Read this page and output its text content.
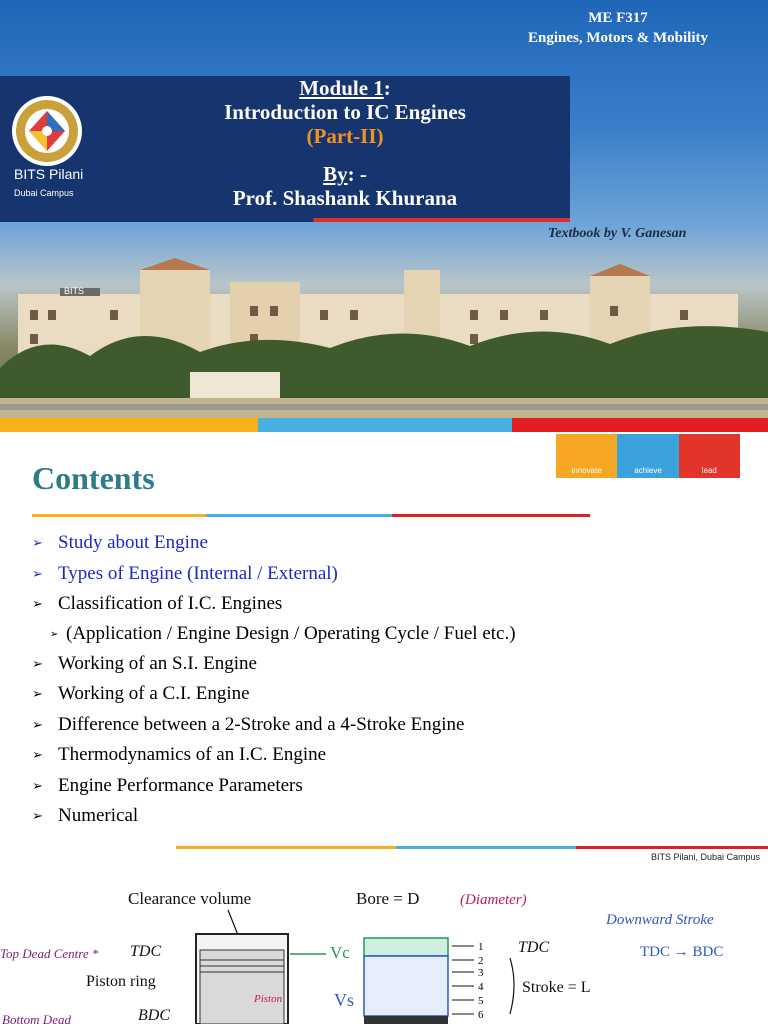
ME F317
Engines, Motors & Mobility
BITS Pilani
Dubai Campus
Module 1:
Introduction to IC Engines
(Part-II)
By: -
Prof. Shashank Khurana
Textbook by V. Ganesan
BITS
innovate	achieve	lead
Contents
➢ Study about Engine
➢ Types of Engine (Internal / External)
➢ Classification of I.C. Engines
➢ (Application / Engine Design / Operating Cycle / Fuel etc.)
➢ Working of an S.I. Engine
➢ Working of a C.I. Engine
➢ Difference between a 2-Stroke and a 4-Stroke Engine
➢ Thermodynamics of an I.C. Engine
➢ Engine Performance Parameters
➢ Numerical
BITS Pilani, Dubai Campus
Clearance volume
TDC
Piston ring
BDC
Top Dead Centre *
Bottom Dead
Piston
Bore = D	(Diameter)
Vc
Vs
1
2
3
4
5
6
TDC
Stroke = L
Downward Stroke
TDC → BDC
